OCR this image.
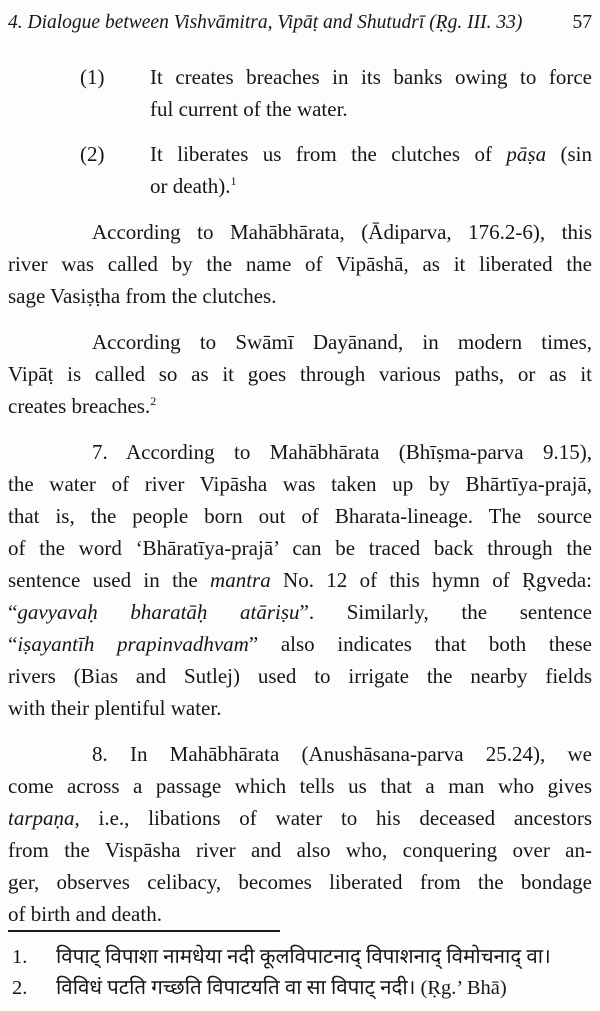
4. Dialogue between Vishvāmitra, Vipāṭ and Shutudrī (Ṛg. III. 33)	57
(1)	It creates breaches in its banks owing to force
ful current of the water.
(2)	It liberates us from the clutches of pāṣa (sin
or death).$^1$
According to Mahābhārata, (Ādiparva, 176.2-6), this
river was called by the name of Vipāshā, as it liberated the
sage Vasiṣṭha from the clutches.
According to Swāmī Dayānand, in modern times,
Vipāṭ is called so as it goes through various paths, or as it
creates breaches.$^2$
7. According to Mahābhārata (Bhīṣma-parva 9.15),
the water of river Vipāsha was taken up by Bhārtīya-prajā,
that is, the people born out of Bharata-lineage. The source
of the word ‘Bhāratīya-prajā’ can be traced back through the
sentence used in the mantra No. 12 of this hymn of Ṛgveda:
“gavyavaḥ bharatāḥ atāriṣu”. Similarly, the sentence
“iṣayantīh prapinvadhvam” also indicates that both these
rivers (Bias and Sutlej) used to irrigate the nearby fields
with their plentiful water.
8. In Mahābhārata (Anushāsana-parva 25.24), we
come across a passage which tells us that a man who gives
tarpaṇa, i.e., libations of water to his deceased ancestors
from the Vispāsha river and also who, conquering over an-
ger, observes celibacy, becomes liberated from the bondage
of birth and death.
1.	विपाट् विपाशा नामधेया नदी कूलविपाटनाद् विपाशनाद् विमोचनाद् वा।
2.	विविधं पटति गच्छति विपाटयति वा सा विपाट् नदी। (Ṛg.’ Bhā)
